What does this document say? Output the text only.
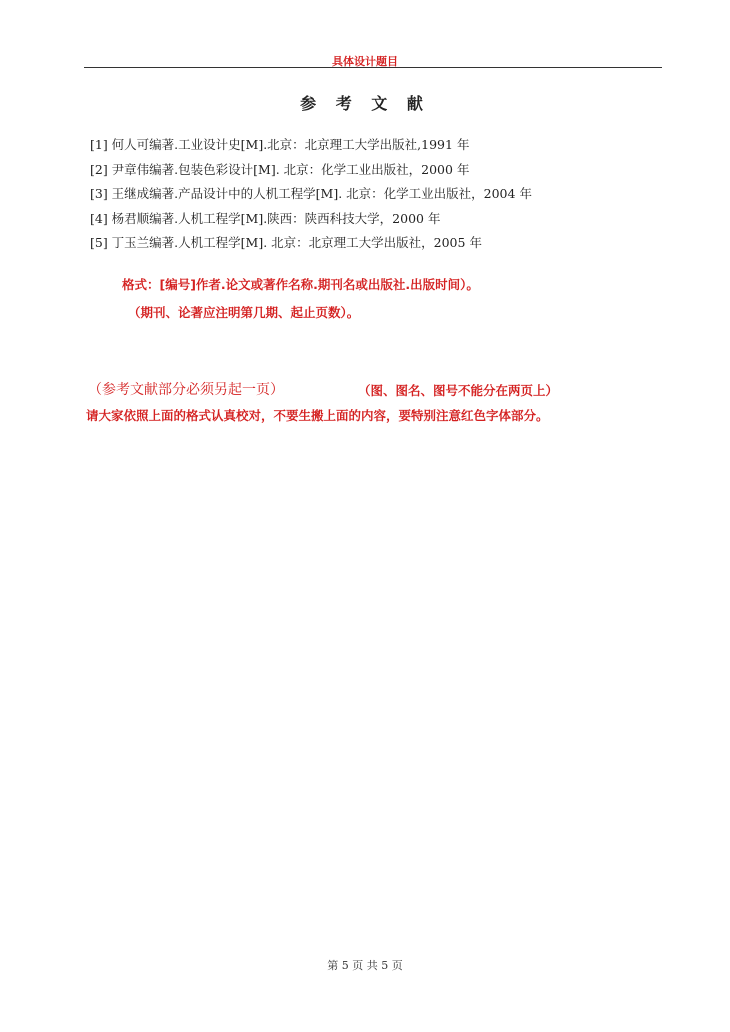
具体设计题目
参 考 文 献
[1] 何人可编著.工业设计史[M].北京：北京理工大学出版社,1991 年
[2] 尹章伟编著.包装色彩设计[M]. 北京：化学工业出版社，2000 年
[3] 王继成编著.产品设计中的人机工程学[M]. 北京：化学工业出版社，2004 年
[4] 杨君顺编著.人机工程学[M].陕西：陕西科技大学，2000 年
[5] 丁玉兰编著.人机工程学[M]. 北京：北京理工大学出版社，2005 年
格式：[编号]作者.论文或著作名称.期刊名或出版社.出版时间）。
（期刊、论著应注明第几期、起止页数）。
（参考文献部分必须另起一页）	（图、图名、图号不能分在两页上）
请大家依照上面的格式认真校对，不要生搬上面的内容，要特别注意红色字体部分。
第 5 页 共 5 页
